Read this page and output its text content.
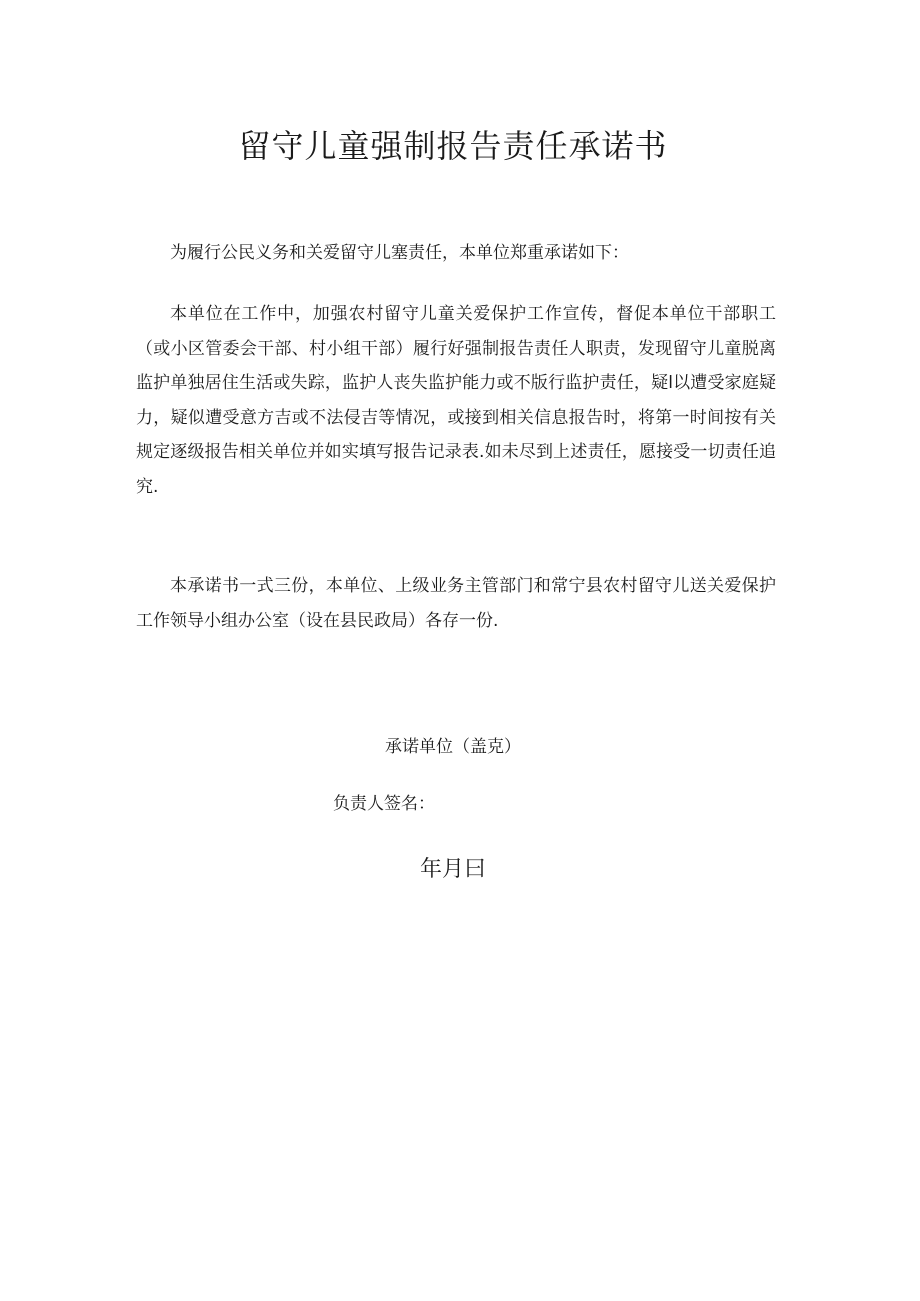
留守儿童强制报告责任承诺书

为履行公民义务和关爱留守儿塞责任，本单位郑重承诺如下：

本单位在工作中，加强农村留守儿童关爱保护工作宣传，督促本单位干部职工（或小区管委会干部、村小组干部）履行好强制报告责任人职责，发现留守儿童脱离监护单独居住生活或失踪，监护人丧失监护能力或不版行监护责任，疑l以遭受家庭疑力，疑似遭受意方吉或不法侵吉等情况，或接到相关信息报告时，将第一时间按有关规定逐级报告相关单位并如实填写报告记录表.如未尽到上述责任，愿接受一切责任追究.

本承诺书一式三份，本单位、上级业务主管部门和常宁县农村留守儿送关爱保护工作领导小组办公室（设在县民政局）各存一份.

承诺单位（盖克）
负责人签名：
年月曰
